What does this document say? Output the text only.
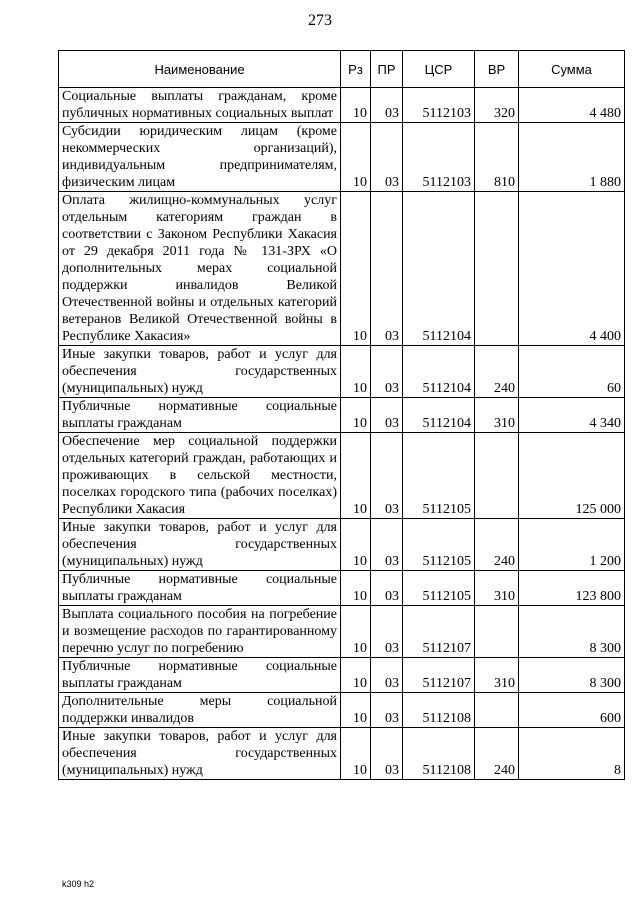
273
Наименование	Рз	ПР	ЦСР	ВР	Сумма
Социальные выплаты гражданам, кроме публичных нормативных социальных выплат	10	03	5112103	320	4 480
Субсидии юридическим лицам (кроме некоммерческих организаций), индивидуальным предпринимателям, физическим лицам	10	03	5112103	810	1 880
Оплата жилищно-коммунальных услуг отдельным категориям граждан в соответствии с Законом Республики Хакасия от 29 декабря 2011 года № 131-ЗРХ «О дополнительных мерах социальной поддержки инвалидов Великой Отечественной войны и отдельных категорий ветеранов Великой Отечественной войны в Республике Хакасия»	10	03	5112104		4 400
Иные закупки товаров, работ и услуг для обеспечения государственных (муниципальных) нужд	10	03	5112104	240	60
Публичные нормативные социальные выплаты гражданам	10	03	5112104	310	4 340
Обеспечение мер социальной поддержки отдельных категорий граждан, работающих и проживающих в сельской местности, поселках городского типа (рабочих поселках) Республики Хакасия	10	03	5112105		125 000
Иные закупки товаров, работ и услуг для обеспечения государственных (муниципальных) нужд	10	03	5112105	240	1 200
Публичные нормативные социальные выплаты гражданам	10	03	5112105	310	123 800
Выплата социального пособия на погребение и возмещение расходов по гарантированному перечню услуг по погребению	10	03	5112107		8 300
Публичные нормативные социальные выплаты гражданам	10	03	5112107	310	8 300
Дополнительные меры социальной поддержки инвалидов	10	03	5112108		600
Иные закупки товаров, работ и услуг для обеспечения государственных (муниципальных) нужд	10	03	5112108	240	8
k309 h2
